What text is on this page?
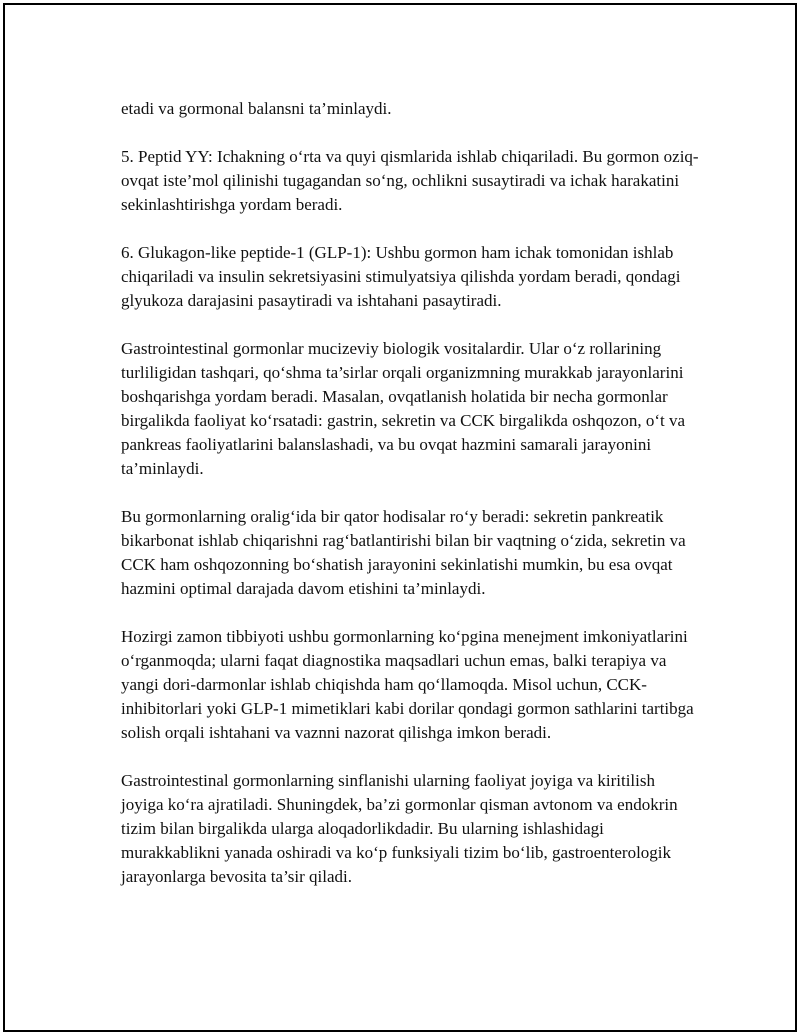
etadi va gormonal balansni ta’minlaydi.

5. Peptid YY: Ichakning o‘rta va quyi qismlarida ishlab chiqariladi. Bu gormon oziq-ovqat iste’mol qilinishi tugagandan so‘ng, ochlikni susaytiradi va ichak harakatini sekinlashtirishga yordam beradi.

6. Glukagon-like peptide-1 (GLP-1): Ushbu gormon ham ichak tomonidan ishlab chiqariladi va insulin sekretsiyasini stimulyatsiya qilishda yordam beradi, qondagi glyukoza darajasini pasaytiradi va ishtahani pasaytiradi.

Gastrointestinal gormonlar mucizeviy biologik vositalardir. Ular o‘z rollarining turliligidan tashqari, qo‘shma ta’sirlar orqali organizmning murakkab jarayonlarini boshqarishga yordam beradi. Masalan, ovqatlanish holatida bir necha gormonlar birgalikda faoliyat ko‘rsatadi: gastrin, sekretin va CCK birgalikda oshqozon, o‘t va pankreas faoliyatlarini balanslashadi, va bu ovqat hazmini samarali jarayonini ta’minlaydi.

Bu gormonlarning oralig‘ida bir qator hodisalar ro‘y beradi: sekretin pankreatik bikarbonat ishlab chiqarishni rag‘batlantirishi bilan bir vaqtning o‘zida, sekretin va CCK ham oshqozonning bo‘shatish jarayonini sekinlatishi mumkin, bu esa ovqat hazmini optimal darajada davom etishini ta’minlaydi.

Hozirgi zamon tibbiyoti ushbu gormonlarning ko‘pgina menejment imkoniyatlarini o‘rganmoqda; ularni faqat diagnostika maqsadlari uchun emas, balki terapiya va yangi dori-darmonlar ishlab chiqishda ham qo‘llamoqda. Misol uchun, CCK-inhibitorlari yoki GLP-1 mimetiklari kabi dorilar qondagi gormon sathlarini tartibga solish orqali ishtahani va vaznni nazorat qilishga imkon beradi.

Gastrointestinal gormonlarning sinflanishi ularning faoliyat joyiga va kiritilish joyiga ko‘ra ajratiladi. Shuningdek, ba’zi gormonlar qisman avtonom va endokrin tizim bilan birgalikda ularga aloqadorlikdadir. Bu ularning ishlashidagi murakkablikni yanada oshiradi va ko‘p funksiyali tizim bo‘lib, gastroenterologik jarayonlarga bevosita ta’sir qiladi.
